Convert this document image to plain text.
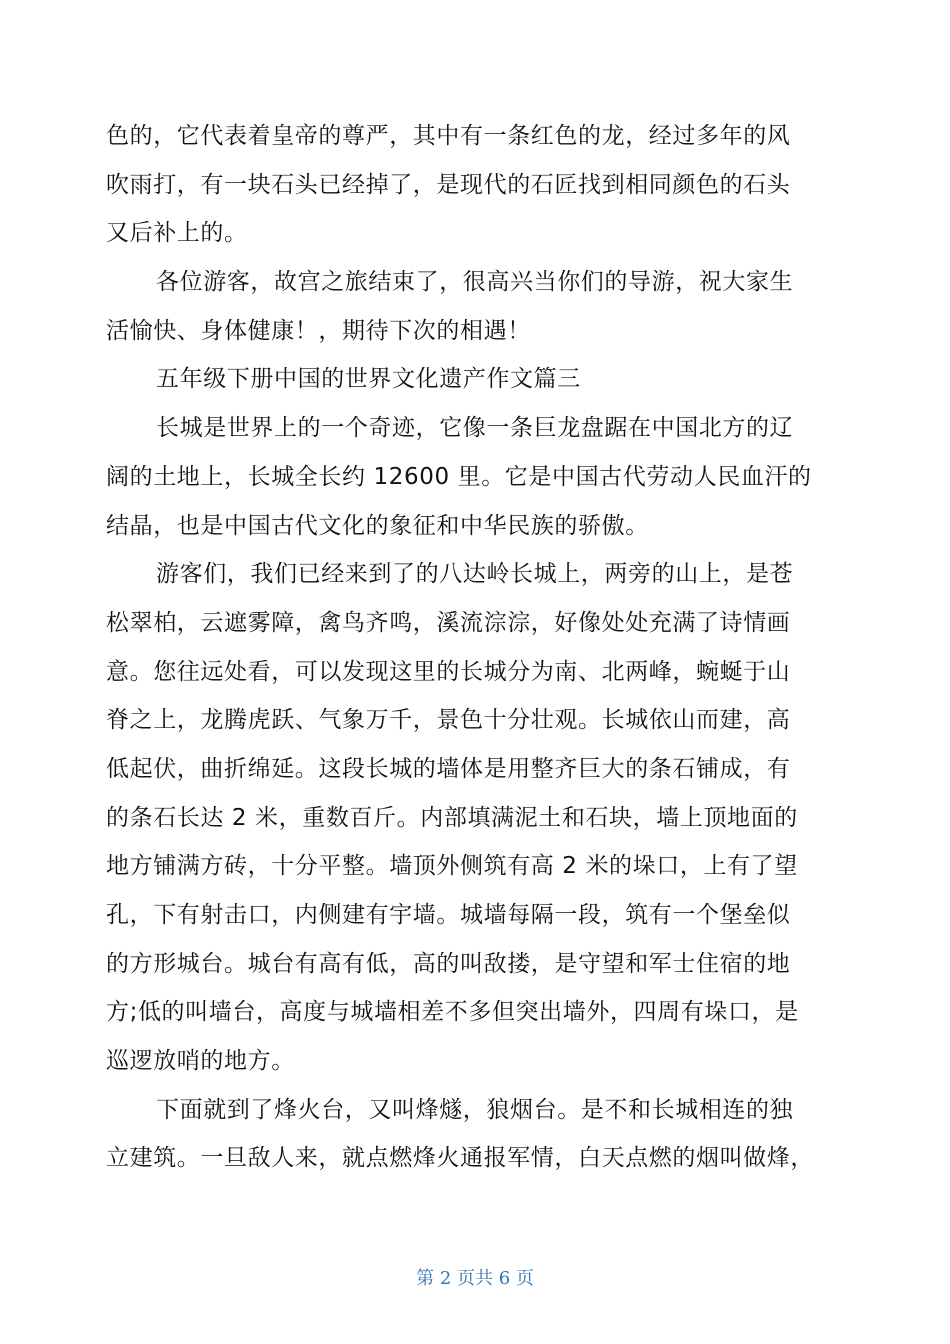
色的，它代表着皇帝的尊严，其中有一条红色的龙，经过多年的风
吹雨打，有一块石头已经掉了，是现代的石匠找到相同颜色的石头
又后补上的。
各位游客，故宫之旅结束了，很高兴当你们的导游，祝大家生
活愉快、身体健康！，期待下次的相遇！
五年级下册中国的世界文化遗产作文篇三
长城是世界上的一个奇迹，它像一条巨龙盘踞在中国北方的辽
阔的土地上，长城全长约 12600 里。它是中国古代劳动人民血汗的
结晶，也是中国古代文化的象征和中华民族的骄傲。
游客们，我们已经来到了的八达岭长城上，两旁的山上，是苍
松翠柏，云遮雾障，禽鸟齐鸣，溪流淙淙，好像处处充满了诗情画
意。您往远处看，可以发现这里的长城分为南、北两峰，蜿蜒于山
脊之上，龙腾虎跃、气象万千，景色十分壮观。长城依山而建，高
低起伏，曲折绵延。这段长城的墙体是用整齐巨大的条石铺成，有
的条石长达 2 米，重数百斤。内部填满泥土和石块，墙上顶地面的
地方铺满方砖，十分平整。墙顶外侧筑有高 2 米的垛口，上有了望
孔，下有射击口，内侧建有宇墙。城墙每隔一段，筑有一个堡垒似
的方形城台。城台有高有低，高的叫敌搂，是守望和军士住宿的地
方;低的叫墙台，高度与城墙相差不多但突出墙外，四周有垛口，是
巡逻放哨的地方。
下面就到了烽火台，又叫烽燧，狼烟台。是不和长城相连的独
立建筑。一旦敌人来，就点燃烽火通报军情，白天点燃的烟叫做烽，
第 2 页共 6 页
